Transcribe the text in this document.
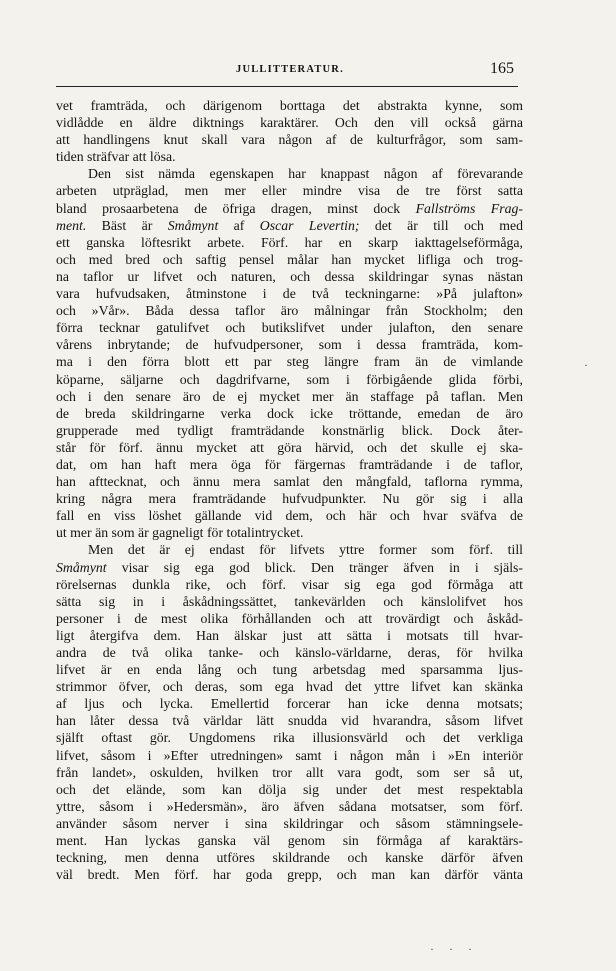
JULLITTERATUR.	165
vet framträda, och därigenom borttaga det abstrakta kynne, som
vidlådde en äldre diktnings karaktärer. Och den vill också gärna
att handlingens knut skall vara någon af de kulturfrågor, som sam-
tiden sträfvar att lösa.
Den sist nämda egenskapen har knappast någon af förevarande
arbeten utpräglad, men mer eller mindre visa de tre först satta
bland prosaarbetena de öfriga dragen, minst dock Fallströms Frag-
ment. Bäst är Småmynt af Oscar Levertin; det är till och med
ett ganska löftesrikt arbete. Förf. har en skarp iakttagelseförmåga,
och med bred och saftig pensel målar han mycket lifliga och trog-
na taflor ur lifvet och naturen, och dessa skildringar synas nästan
vara hufvudsaken, åtminstone i de två teckningarne: »På julafton»
och »Vår». Båda dessa taflor äro målningar från Stockholm; den
förra tecknar gatulifvet och butikslifvet under julafton, den senare
vårens inbrytande; de hufvudpersoner, som i dessa framträda, kom-
ma i den förra blott ett par steg längre fram än de vimlande
köparne, säljarne och dagdrifvarne, som i förbigående glida förbi,
och i den senare äro de ej mycket mer än staffage på taflan. Men
de breda skildringarne verka dock icke tröttande, emedan de äro
grupperade med tydligt framträdande konstnärlig blick. Dock åter-
står för förf. ännu mycket att göra härvid, och det skulle ej ska-
dat, om han haft mera öga för färgernas framträdande i de taflor,
han afttecknat, och ännu mera samlat den mångfald, taflorna rymma,
kring några mera framträdande hufvudpunkter. Nu gör sig i alla
fall en viss löshet gällande vid dem, och här och hvar sväfva de
ut mer än som är gagneligt för totalintrycket.
Men det är ej endast för lifvets yttre former som förf. till
Småmynt visar sig ega god blick. Den tränger äfven in i själs-
rörelsernas dunkla rike, och förf. visar sig ega god förmåga att
sätta sig in i åskådningssättet, tankevärlden och känslolifvet hos
personer i de mest olika förhållanden och att trovärdigt och åskåd-
ligt återgifva dem. Han älskar just att sätta i motsats till hvar-
andra de två olika tanke- och känslo-världarne, deras, för hvilka
lifvet är en enda lång och tung arbetsdag med sparsamma ljus-
strimmor öfver, och deras, som ega hvad det yttre lifvet kan skänka
af ljus och lycka. Emellertid forcerar han icke denna motsats;
han låter dessa två världar lätt snudda vid hvarandra, såsom lifvet
själft oftast gör. Ungdomens rika illusionsvärld och det verkliga
lifvet, såsom i »Efter utredningen» samt i någon mån i »En interiör
från landet», oskulden, hvilken tror allt vara godt, som ser så ut,
och det elände, som kan dölja sig under det mest respektabla
yttre, såsom i »Hedersmän», äro äfven sådana motsatser, som förf.
använder såsom nerver i sina skildringar och såsom stämningsele-
ment. Han lyckas ganska väl genom sin förmåga af karaktärs-
teckning, men denna utföres skildrande och kanske därför äfven
väl bredt. Men förf. har goda grepp, och man kan därför vänta
·
· · ·
